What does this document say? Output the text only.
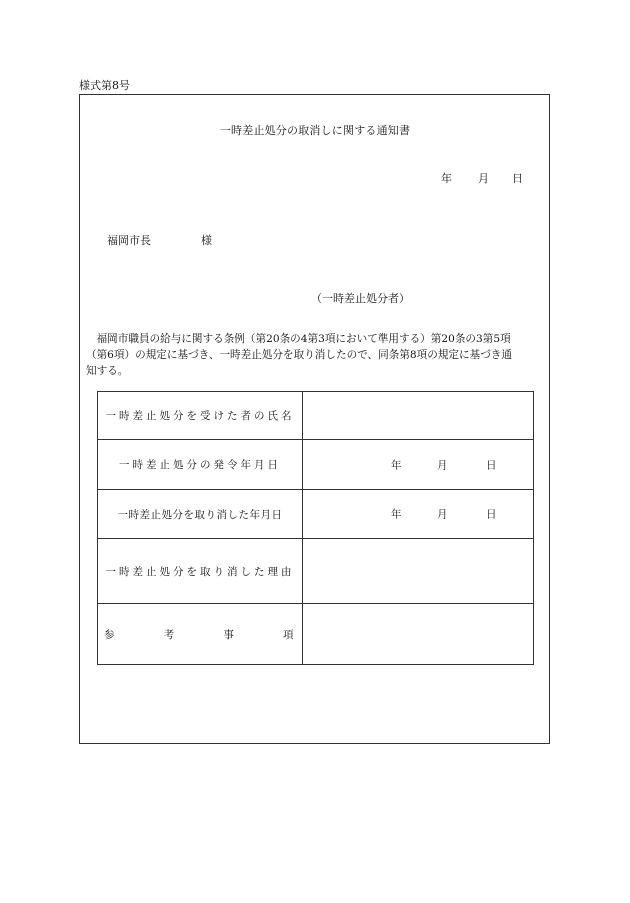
様式第8号
一時差止処分の取消しに関する通知書
年 月 日
福岡市長	様
（一時差止処分者）
　福岡市職員の給与に関する条例（第20条の4第3項において準用する）第20条の3第5項
（第6項）の規定に基づき、一時差止処分を取り消したので、同条第8項の規定に基づき通
知する。
一時差止処分を受けた者の氏名	
一時差止処分の発令年月日	年 月 日

一時差止処分を取り消した年月日	年 月 日

一時差止処分を取り消した理由	

参 考 事 項	
